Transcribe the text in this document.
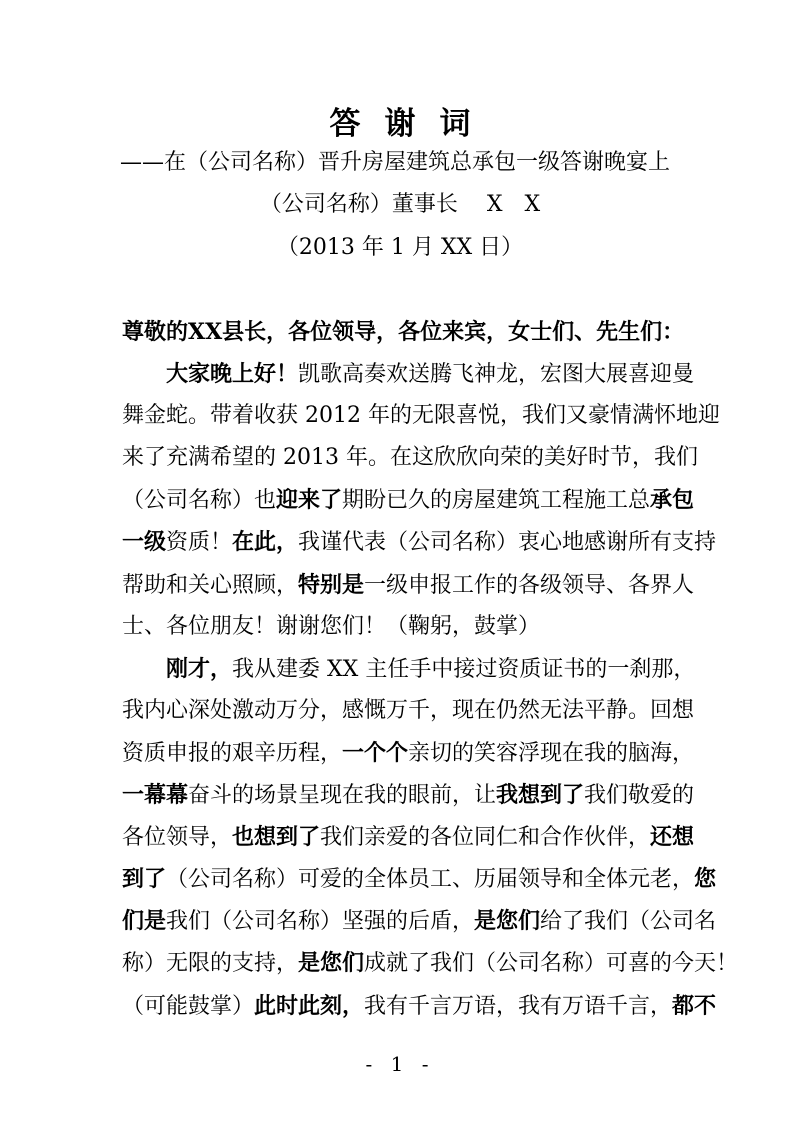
答谢词

——在（公司名称）晋升房屋建筑总承包一级答谢晚宴上

（公司名称）董事长　 X　X

（2013 年 1 月 XX 日）

尊敬的XX县长，各位领导，各位来宾，女士们、先生们：
大家晚上好！凯歌高奏欢送腾飞神龙，宏图大展喜迎曼
舞金蛇。带着收获 2012 年的无限喜悦，我们又豪情满怀地迎
来了充满希望的 2013 年。在这欣欣向荣的美好时节，我们
（公司名称）也迎来了期盼已久的房屋建筑工程施工总承包
一级资质！在此，我谨代表（公司名称）衷心地感谢所有支持
帮助和关心照顾，特别是一级申报工作的各级领导、各界人
士、各位朋友！谢谢您们！（鞠躬，鼓掌）
刚才，我从建委 XX 主任手中接过资质证书的一刹那，
我内心深处激动万分，感慨万千，现在仍然无法平静。回想
资质申报的艰辛历程，一个个亲切的笑容浮现在我的脑海，
一幕幕奋斗的场景呈现在我的眼前，让我想到了我们敬爱的
各位领导，也想到了我们亲爱的各位同仁和合作伙伴，还想
到了（公司名称）可爱的全体员工、历届领导和全体元老，您
们是我们（公司名称）坚强的后盾，是您们给了我们（公司名
称）无限的支持，是您们成就了我们（公司名称）可喜的今天！
（可能鼓掌）此时此刻，我有千言万语，我有万语千言，都不

- 1 -
